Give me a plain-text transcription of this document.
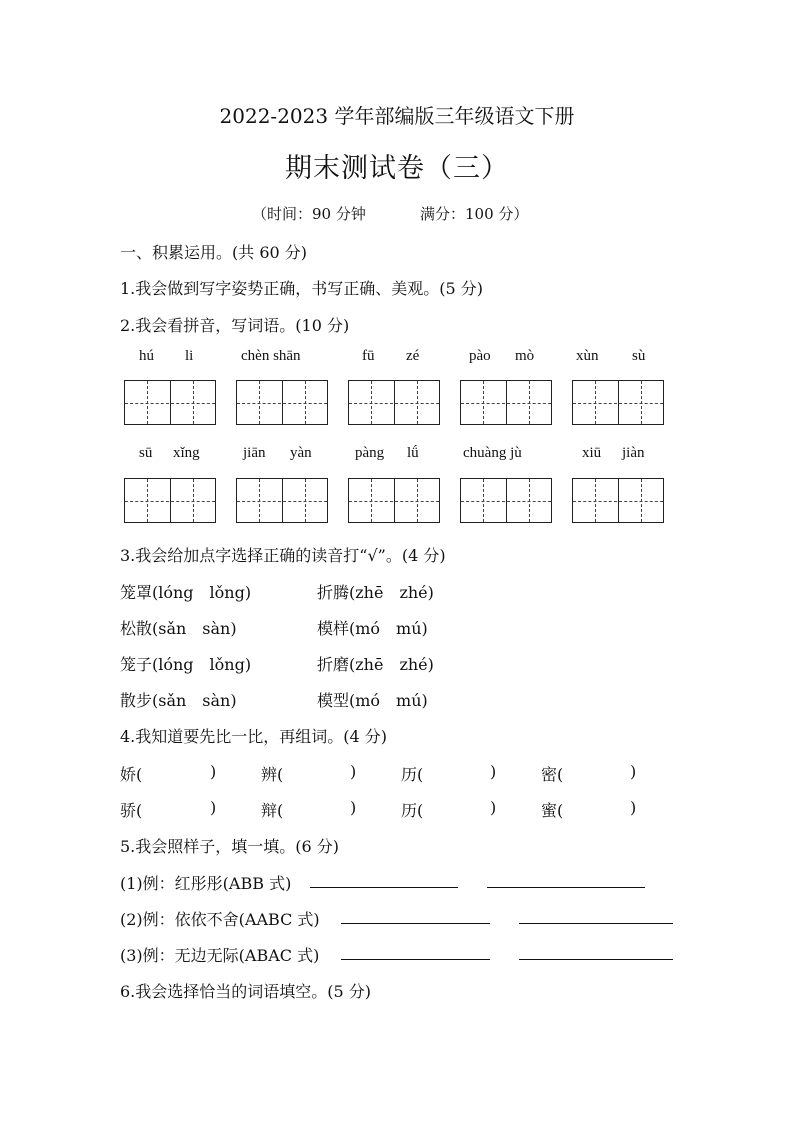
2022-2023 学年部编版三年级语文下册
期末测试卷（三）
（时间：90 分钟	满分：100 分）
一、积累运用。(共 60 分)
1.我会做到写字姿势正确，书写正确、美观。(5 分)
2.我会看拼音，写词语。(10 分)
hú li	chèn shān	fū zé	pào mò	xùn sù
sū xǐng	jiān yàn	pàng lǘ	chuàng jù	xiū jiàn
3.我会给加点字选择正确的读音打“√”。(4 分)
笼罩(lóng　lǒng)	折腾(zhē　zhé)
松散(sǎn　sàn)	模样(mó　mú)
笼子(lóng　lǒng)	折磨(zhē　zhé)
散步(sǎn　sàn)	模型(mó　mú)
4.我知道要先比一比，再组词。(4 分)
娇(	)	辨(	)	历(	)	密(	)
骄(	)	辩(	)	历(	)	蜜(	)
5.我会照样子，填一填。(6 分)
(1)例：红彤彤(ABB 式)
(2)例：依依不舍(AABC 式)
(3)例：无边无际(ABAC 式)
6.我会选择恰当的词语填空。(5 分)
